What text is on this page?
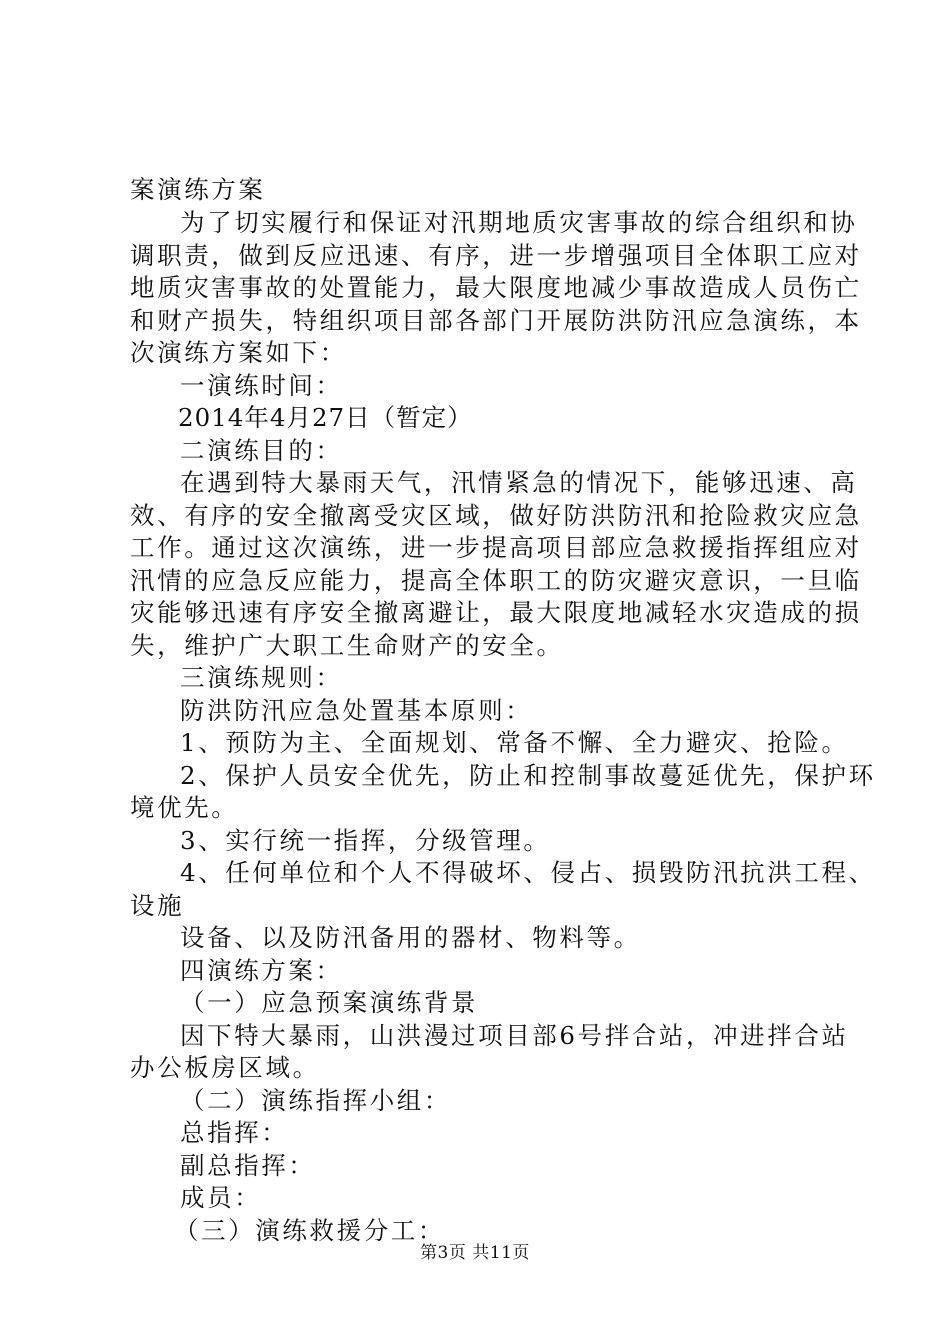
案演练方案
为了切实履行和保证对汛期地质灾害事故的综合组织和协
调职责，做到反应迅速、有序，进一步增强项目全体职工应对
地质灾害事故的处置能力，最大限度地减少事故造成人员伤亡
和财产损失，特组织项目部各部门开展防洪防汛应急演练，本
次演练方案如下：
一演练时间：
2014年4月27日（暂定）
二演练目的：
在遇到特大暴雨天气，汛情紧急的情况下，能够迅速、高
效、有序的安全撤离受灾区域，做好防洪防汛和抢险救灾应急
工作。通过这次演练，进一步提高项目部应急救援指挥组应对
汛情的应急反应能力，提高全体职工的防灾避灾意识，一旦临
灾能够迅速有序安全撤离避让，最大限度地减轻水灾造成的损
失，维护广大职工生命财产的安全。
三演练规则：
防洪防汛应急处置基本原则：
1、预防为主、全面规划、常备不懈、全力避灾、抢险。
2、保护人员安全优先，防止和控制事故蔓延优先，保护环
境优先。
3、实行统一指挥，分级管理。
4、任何单位和个人不得破坏、侵占、损毁防汛抗洪工程、
设施
设备、以及防汛备用的器材、物料等。
四演练方案：
（一）应急预案演练背景
因下特大暴雨，山洪漫过项目部6号拌合站，冲进拌合站
办公板房区域。
（二）演练指挥小组：
总指挥：
副总指挥：
成员：
（三）演练救援分工：
第3页 共11页
